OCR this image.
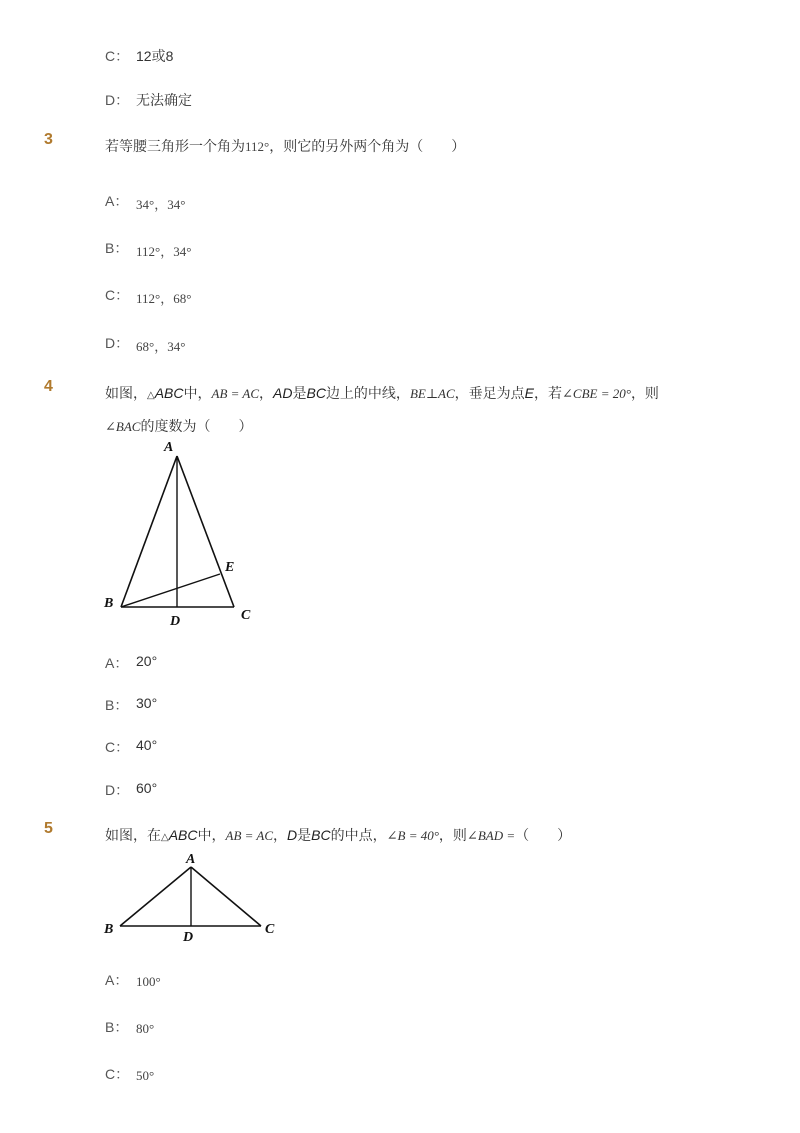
C： 12或8
D： 无法确定
3	若等腰三角形一个角为112°，则它的另外两个角为（　　）
A： 34°，34°
B： 112°，34°
C： 112°，68°
D： 68°，34°
4	如图，△ABC中，AB = AC，AD是BC边上的中线，BE⊥AC，垂足为点E，若∠CBE = 20°，则
∠BAC的度数为（　　）
A
B
C
D
E
A： 20°
B： 30°
C： 40°
D： 60°
5	如图，在△ABC中，AB = AC，D是BC的中点，∠B = 40°，则∠BAD =（　　）
A
B	C
D
A： 100°
B： 80°
C： 50°
